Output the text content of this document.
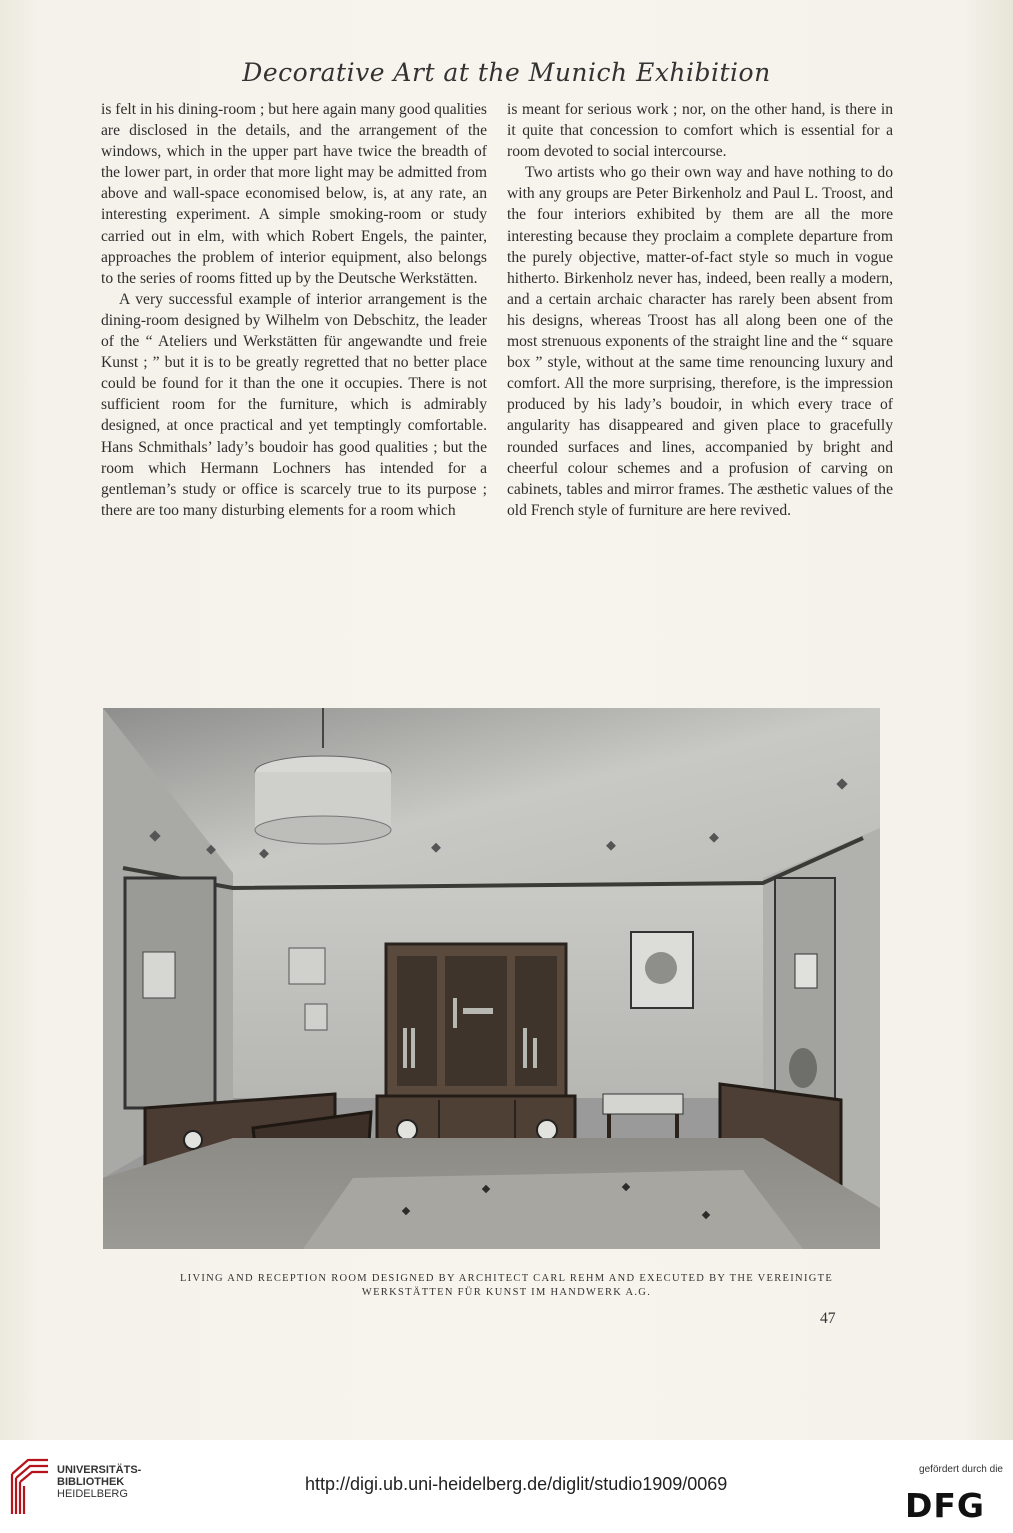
Decorative Art at the Munich Exhibition

is felt in his dining-room ; but here again many good qualities are disclosed in the details, and the arrangement of the windows, which in the upper part have twice the breadth of the lower part, in order that more light may be admitted from above and wall-space economised below, is, at any rate, an interesting experiment. A simple smoking-room or study carried out in elm, with which Robert Engels, the painter, approaches the problem of interior equipment, also belongs to the series of rooms fitted up by the Deutsche Werkstätten.

A very successful example of interior arrangement is the dining-room designed by Wilhelm von Debschitz, the leader of the “ Ateliers und Werkstätten für angewandte und freie Kunst ; ” but it is to be greatly regretted that no better place could be found for it than the one it occupies. There is not sufficient room for the furniture, which is admirably designed, at once practical and yet temptingly comfortable. Hans Schmithals’ lady’s boudoir has good qualities ; but the room which Hermann Lochners has intended for a gentleman’s study or office is scarcely true to its purpose ; there are too many disturbing elements for a room which

is meant for serious work ; nor, on the other hand, is there in it quite that concession to comfort which is essential for a room devoted to social intercourse.

Two artists who go their own way and have nothing to do with any groups are Peter Birkenholz and Paul L. Troost, and the four interiors exhibited by them are all the more interesting because they proclaim a complete departure from the purely objective, matter-of-fact style so much in vogue hitherto. Birkenholz never has, indeed, been really a modern, and a certain archaic character has rarely been absent from his designs, whereas Troost has all along been one of the most strenuous exponents of the straight line and the “ square box ” style, without at the same time renouncing luxury and comfort. All the more surprising, therefore, is the impression produced by his lady’s boudoir, in which every trace of angularity has disappeared and given place to gracefully rounded surfaces and lines, accompanied by bright and cheerful colour schemes and a profusion of carving on cabinets, tables and mirror frames. The æsthetic values of the old French style of furniture are here revived.

LIVING AND RECEPTION ROOM DESIGNED BY ARCHITECT CARL REHM AND EXECUTED BY THE VEREINIGTE
WERKSTÄTTEN FÜR KUNST IM HANDWERK A.G.
47
UNIVERSITÄTS-
BIBLIOTHEK
HEIDELBERG	http://digi.ub.uni-heidelberg.de/diglit/studio1909/0069
gefördert durch die
DFG
